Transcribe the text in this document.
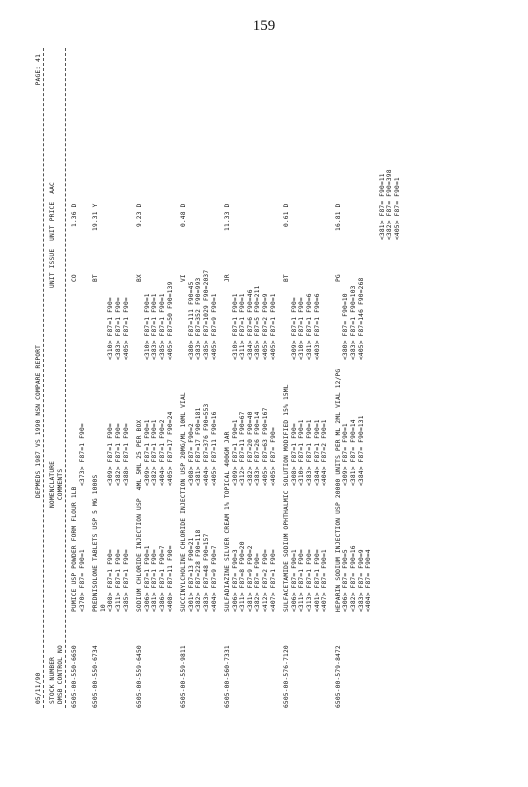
159
05/11/90
DEPMEDS 1987 VS 1990 NSN COMPARE REPORT
PAGE: 41
STOCK NUMBER
DMSB CONTROL NO
NOMENCLATURE
COMMENTS
UNIT ISSUE  UNIT PRICE  AAC
6505-00-550-6650
PUMICE USP POWDER FORM FLOUR 1LB
CO            1.36 D
<370> F87= F90=1
<373> F87=1 F90=
6505-00-550-6734
PREDNISOLONE TABLETS USP 5 MG 1000S
BT           19.31 Y
10 <308> F87=1 F90=
<309> F87=1 F90=
<310> F87=1 F90=
<311> F87=1 F90=
<382> F87=1 F90=
<383> F87=1 F90=
<385> F87=1 F90=
<388> F87=1 F90=
<405> F87=1 F90=
6505-00-559-6450
SODIUM CHLORIDE INJECTION USP  4ML 5ML 25 PER BOX
BX            9.23 D
<306> F87=1 F90=1
<309> F87=1 F90=1
<310> F87=1 F90=1
<381> F87=1 F90=
<382> F87=1 F90=1
<383> F87=1 F90=1
<386> F87=1 F90=7
<404> F87=1 F90=2
<385> F87=1 F90=1
<408> F87=11 F90=
<405> F87=17 F90=24
<405> F87=50 F90=139
6505-00-559-9811
SUCCINYLCHOLINE CHLORIDE INJECTION USP 20MG/ML 10ML VIAL
VI            0.48 D
<301> F87=13 F90=21
<308> F87= F90=2
<380> F87=111 F90=45
<382> F87=228 F90=118
<381> F87=17 F90=181
<383> F87=352 F90=993
<383> F87=48 F90=157
<404> F87=376 F90=553
<385> F87=1029 F90=2037
<404> F87=9 F90=7
<405> F87=11 F90=16
<405> F87=9 F90=1
6505-00-560-7331
SULFADIAZINE SILVER CREAM 1% TOPICAL 400GM JAR
JR           11.33 D
<306> F87= F90=3
<309> F87=1 F90=1
<310> F87=1 F90=1
<311> F87=8 F90=20
<312> F87=11 F90=67
<311> F87=1 F90=1
<381> F87=9 F90=2
<382> F87=20 F90=40
<384> F87=6 F90=46
<382> F87= F90=
<383> F87=26 F90=14
<385> F87=5 F90=211
<412> F87=2 F90=
<405> F87=63 F90=167
<405> F87=2 F90=9
<407> F87=1 F90=
<405> F87= F90=
<405> F87=1 F90=1
6505-00-576-7120
SULFACETAMIDE SODIUM OPHTHALMIC SOLUTION MODIFIED 15% 15ML
BT            0.61 D
<306> F87= F90=1
<308> F87=1 F90=
<309> F87=1 F90=
<311> F87=1 F90=
<310> F87=1 F90=1
<310> F87=1 F90=
<313> F87=1 F90=
<383> F87=1 F90=1
<381> F87=1 F90=6
<401> F87=1 F90=
<384> F87=1 F90=1
<403> F87=1 F90=6
<407> F87= F90=1
<404> F87=2 F90=1
6505-00-579-8472
HEPARIN SODIUM INJECTION USP 20000 UNITS PER ML 2ML VIAL 12/PG
PG           16.81 D
<306> F87= F90=5
<309> F87= F90=1
<380> F87= F90=10
<382> F87= F90=16
<381> F87= F90=14
<383> F87=1 F90=103
<383> F87= F90=9
<384> F87= F90=131
<405> F87=146 F90=268
<404> F87= F90=4
<381> F87= F90=11 <382> F87= F90=398 <405> F87= F90=1
